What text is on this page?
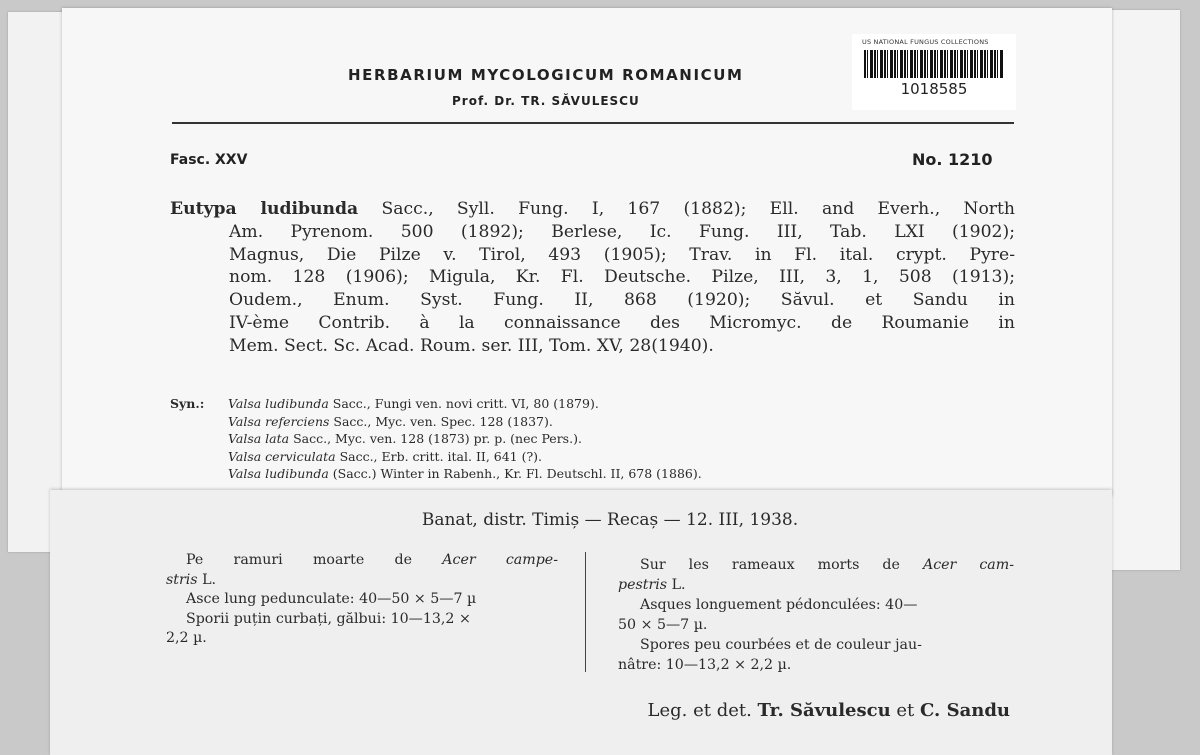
HERBARIUM MYCOLOGICUM ROMANICUM
Prof. Dr. TR. SĂVULESCU
US NATIONAL FUNGUS COLLECTIONS
1018585
Fasc. XXV	No. 1210
Eutypa ludibunda Sacc., Syll. Fung. I, 167 (1882); Ell. and Everh., North
Am. Pyrenom. 500 (1892); Berlese, Ic. Fung. III, Tab. LXI (1902);
Magnus, Die Pilze v. Tirol, 493 (1905); Trav. in Fl. ital. crypt. Pyre-
nom. 128 (1906); Migula, Kr. Fl. Deutsche. Pilze, III, 3, 1, 508 (1913);
Oudem., Enum. Syst. Fung. II, 868 (1920); Săvul. et Sandu in
IV-ème Contrib. à la connaissance des Micromyc. de Roumanie in
Mem. Sect. Sc. Acad. Roum. ser. III, Tom. XV, 28(1940).
Syn.: Valsa ludibunda Sacc., Fungi ven. novi critt. VI, 80 (1879).
Valsa referciens Sacc., Myc. ven. Spec. 128 (1837).
Valsa lata Sacc., Myc. ven. 128 (1873) pr. p. (nec Pers.).
Valsa cerviculata Sacc., Erb. critt. ital. II, 641 (?).
Valsa ludibunda (Sacc.) Winter in Rabenh., Kr. Fl. Deutschl. II, 678 (1886).
Banat, distr. Timiș — Recaș — 12. III, 1938.
Pe ramuri moarte de Acer campe-
stris L.
Asce lung pedunculate: 40—50 × 5—7 µ
Sporii puțin curbați, gălbui: 10—13,2 ×
2,2 µ.
Sur les rameaux morts de Acer cam-
pestris L.
Asques longuement pédonculées: 40—
50 × 5—7 µ.
Spores peu courbées et de couleur jau-
nâtre: 10—13,2 × 2,2 µ.
Leg. et det. Tr. Săvulescu et C. Sandu
